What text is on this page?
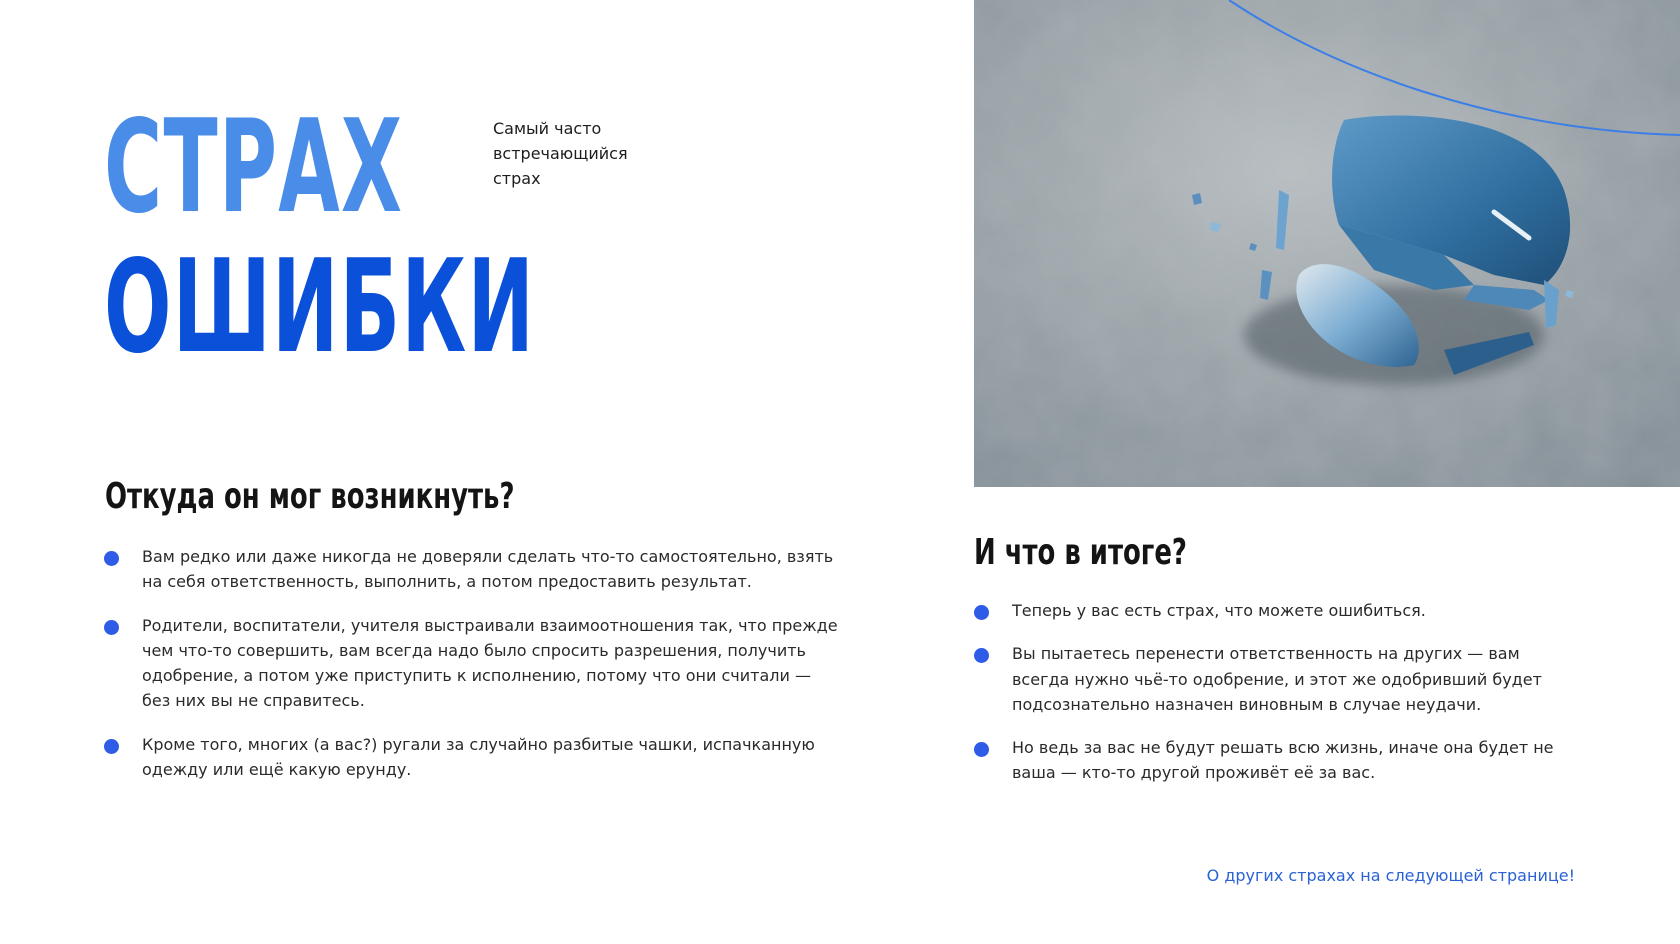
СТРАХ
ОШИБКИ
Самый часто
встречающийся
страх
Откуда он мог возникнуть?
Вам редко или даже никогда не доверяли сделать что-то самостоятельно, взять на себя ответственность, выполнить, а потом предоставить результат.
Родители, воспитатели, учителя выстраивали взаимоотношения так, что прежде чем что-то совершить, вам всегда надо было спросить разрешения, получить одобрение, а потом уже приступить к исполнению, потому что они считали — без них вы не справитесь.
Кроме того, многих (а вас?) ругали за случайно разбитые чашки, испачканную одежду или ещё какую ерунду.
И что в итоге?
Теперь у вас есть страх, что можете ошибиться.
Вы пытаетесь перенести ответственность на других — вам всегда нужно чьё-то одобрение, и этот же одобривший будет подсознательно назначен виновным в случае неудачи.
Но ведь за вас не будут решать всю жизнь, иначе она будет не ваша — кто-то другой проживёт её за вас.
О других страхах на следующей странице!
